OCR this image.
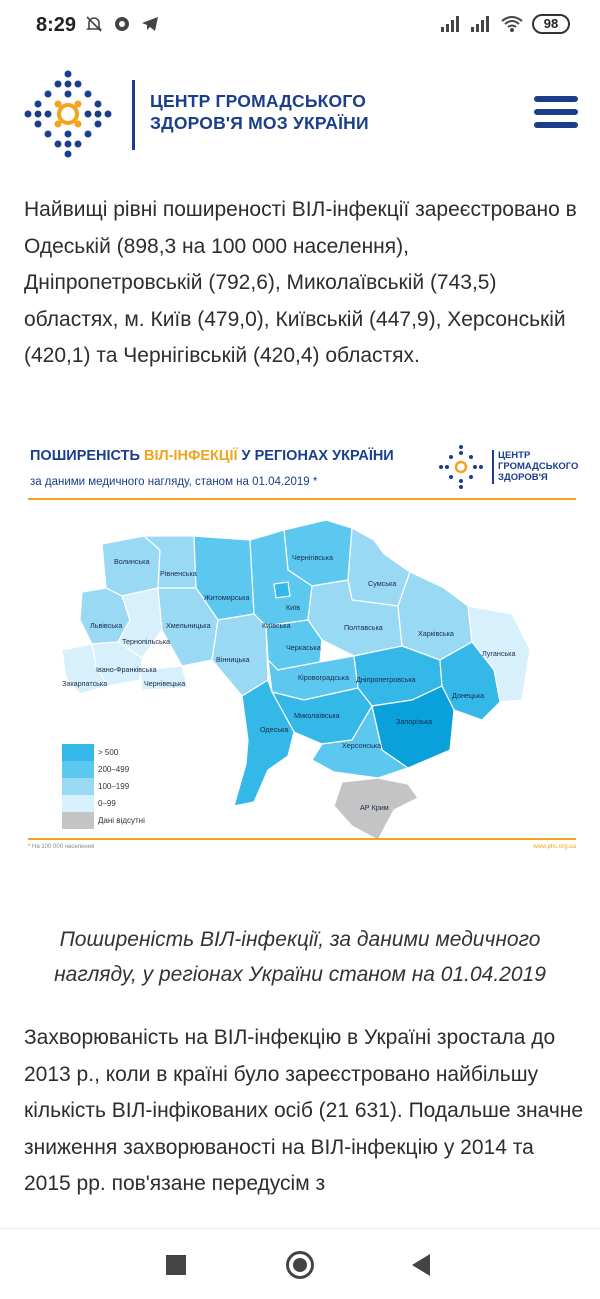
8:29	98
ЦЕНТР ГРОМАДСЬКОГО
ЗДОРОВ'Я МОЗ УКРАЇНИ

Найвищі рівні поширеності ВІЛ-інфекції зареєстровано в Одеській (898,3 на 100 000 населення), Дніпропетровській (792,6), Миколаївській (743,5) областях, м. Київ (479,0), Київській (447,9), Херсонській (420,1) та Чернігівській (420,4) областях.

ПОШИРЕНІСТЬ ВІЛ-ІНФЕКЦІЇ У РЕГІОНАХ УКРАЇНИ
за даними медичного нагляду, станом на 01.04.2019 *
ЦЕНТР
ГРОМАДСЬКОГО
ЗДОРОВ'Я
Волинська
Рівненська
Житомирська
Чернігівська
Сумська
Київ
Київська
Львівська	Хмельницька
Тернопільська
Полтавська
Харківська
Луганська
Вінницька
Черкаська
Івано-Франківська
Закарпатська	Чернівецька
Кіровоградська Дніпропетровська
Донецька
Миколаївська
Одеська
Запорізька
Херсонська
АР Крим
> 500
200–499
100–199
0–99
Дані відсутні
* На 100 000 населення	www.phc.org.ua

Поширеність ВІЛ-інфекції, за даними медичного нагляду, у регіонах України станом на 01.04.2019

Захворюваність на ВІЛ-інфекцію в Україні зростала до 2013 р., коли в країні було зареєстровано найбільшу кількість ВІЛ-інфікованих осіб (21 631). Подальше значне зниження захворюваності на ВІЛ-інфекцію у 2014 та 2015 рр. пов'язане передусім з
